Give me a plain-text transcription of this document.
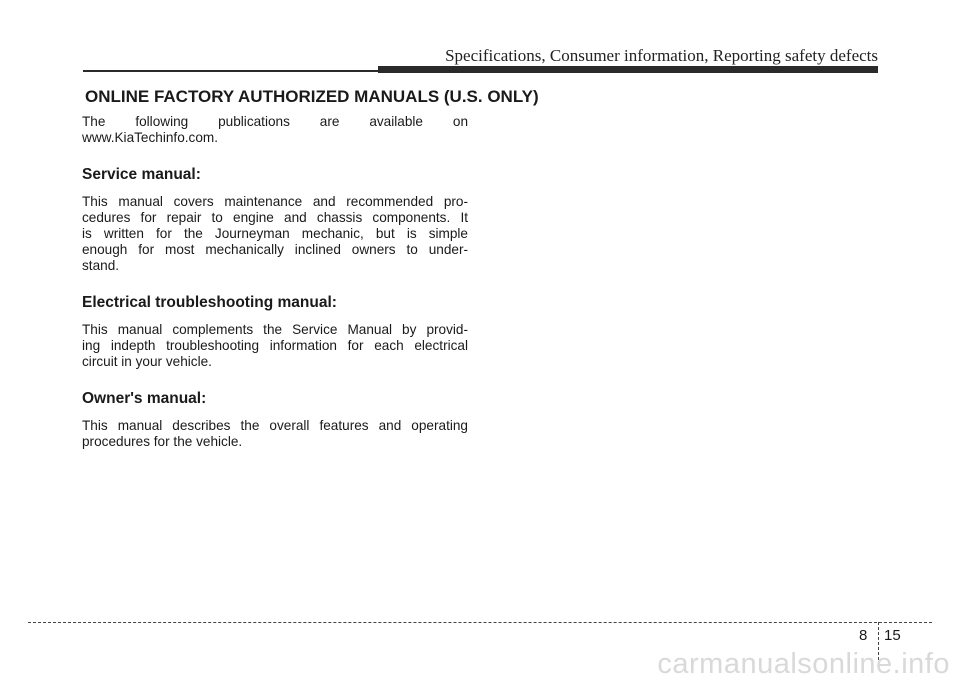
Specifications, Consumer information, Reporting safety defects
ONLINE FACTORY AUTHORIZED MANUALS (U.S. ONLY)

The following publications are available on

www.KiaTechinfo.com.

Service manual:
This manual covers maintenance and recommended pro-
cedures for repair to engine and chassis components. It
is written for the Journeyman mechanic, but is simple
enough for most mechanically inclined owners to under-
stand.
Electrical troubleshooting manual:
This manual complements the Service Manual by provid-
ing indepth troubleshooting information for each electrical
circuit in your vehicle.
Owner's manual:
This manual describes the overall features and operating
procedures for the vehicle.
8 15
carmanualsonline.info
